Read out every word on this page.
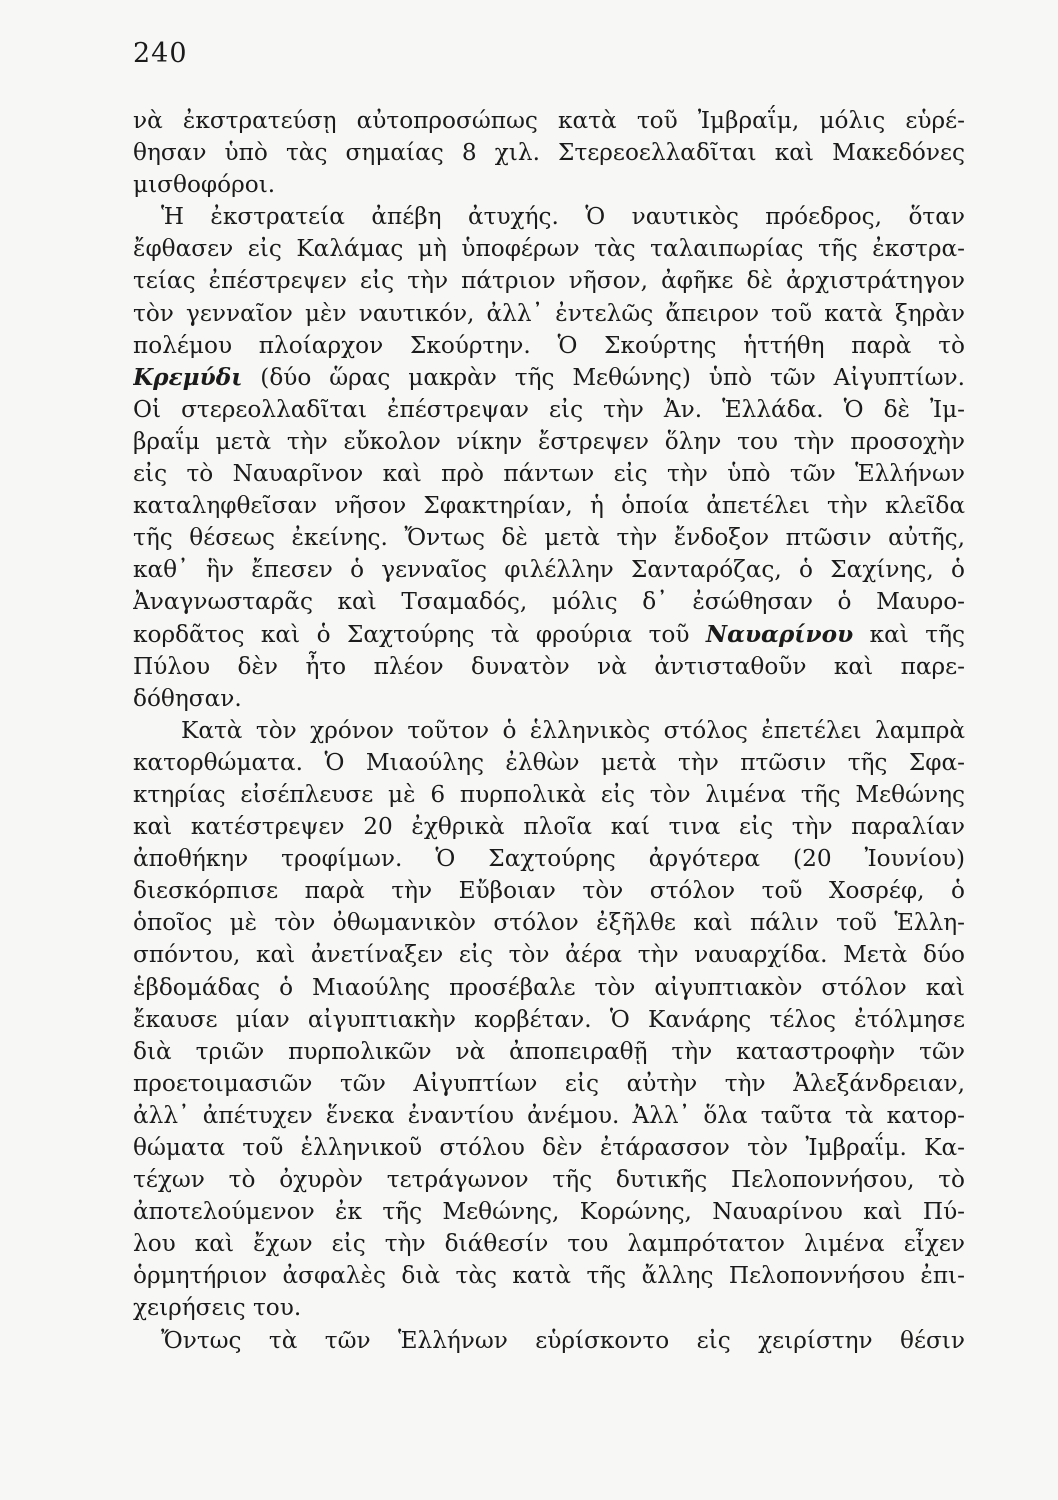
240
νὰ ἐκστρατεύσῃ αὐτοπροσώπως κατὰ τοῦ Ἰμβραΐμ, μόλις εὑρέ-
θησαν ὑπὸ τὰς σημαίας 8 χιλ. Στερεοελλαδῖται καὶ Μακεδόνες
μισθοφόροι.
Ἡ ἐκστρατεία ἀπέβη ἀτυχής. Ὁ ναυτικὸς πρόεδρος, ὅταν
ἔφθασεν εἰς Καλάμας μὴ ὑποφέρων τὰς ταλαιπωρίας τῆς ἐκστρα-
τείας ἐπέστρεψεν εἰς τὴν πάτριον νῆσον, ἀφῆκε δὲ ἀρχιστράτηγον
τὸν γενναῖον μὲν ναυτικόν, ἀλλ᾽ ἐντελῶς ἄπειρον τοῦ κατὰ ξηρὰν
πολέμου πλοίαρχον Σκούρτην. Ὁ Σκούρτης ἡττήθη παρὰ τὸ
Κρεμύδι (δύο ὥρας μακρὰν τῆς Μεθώνης) ὑπὸ τῶν Αἰγυπτίων.
Οἱ στερεολλαδῖται ἐπέστρεψαν εἰς τὴν Ἀν. Ἑλλάδα. Ὁ δὲ Ἰμ-
βραΐμ μετὰ τὴν εὔκολον νίκην ἔστρεψεν ὅλην του τὴν προσοχὴν
εἰς τὸ Ναυαρῖνον καὶ πρὸ πάντων εἰς τὴν ὑπὸ τῶν Ἑλλήνων
καταληφθεῖσαν νῆσον Σφακτηρίαν, ἡ ὁποία ἀπετέλει τὴν κλεῖδα
τῆς θέσεως ἐκείνης. Ὄντως δὲ μετὰ τὴν ἔνδοξον πτῶσιν αὐτῆς,
καθ᾽ ἣν ἔπεσεν ὁ γενναῖος φιλέλλην Σανταρόζας, ὁ Σαχίνης, ὁ
Ἀναγνωσταρᾶς καὶ Τσαμαδός, μόλις δ᾽ ἐσώθησαν ὁ Μαυρο-
κορδᾶτος καὶ ὁ Σαχτούρης τὰ φρούρια τοῦ Ναυαρίνου καὶ τῆς
Πύλου δὲν ἦτο πλέον δυνατὸν νὰ ἀντισταθοῦν καὶ παρε-
δόθησαν.
Κατὰ τὸν χρόνον τοῦτον ὁ ἑλληνικὸς στόλος ἐπετέλει λαμπρὰ
κατορθώματα. Ὁ Μιαούλης ἐλθὼν μετὰ τὴν πτῶσιν τῆς Σφα-
κτηρίας εἰσέπλευσε μὲ 6 πυρπολικὰ εἰς τὸν λιμένα τῆς Μεθώνης
καὶ κατέστρεψεν 20 ἐχθρικὰ πλοῖα καί τινα εἰς τὴν παραλίαν
ἀποθήκην τροφίμων. Ὁ Σαχτούρης ἀργότερα (20 Ἰουνίου)
διεσκόρπισε παρὰ τὴν Εὔβοιαν τὸν στόλον τοῦ Χοσρέφ, ὁ
ὁποῖος μὲ τὸν ὀθωμανικὸν στόλον ἐξῆλθε καὶ πάλιν τοῦ Ἑλλη-
σπόντου, καὶ ἀνετίναξεν εἰς τὸν ἀέρα τὴν ναυαρχίδα. Μετὰ δύο
ἑβδομάδας ὁ Μιαούλης προσέβαλε τὸν αἰγυπτιακὸν στόλον καὶ
ἔκαυσε μίαν αἰγυπτιακὴν κορβέταν. Ὁ Κανάρης τέλος ἐτόλμησε
διὰ τριῶν πυρπολικῶν νὰ ἀποπειραθῇ τὴν καταστροφὴν τῶν
προετοιμασιῶν τῶν Αἰγυπτίων εἰς αὐτὴν τὴν Ἀλεξάνδρειαν,
ἀλλ᾽ ἀπέτυχεν ἕνεκα ἐναντίου ἀνέμου. Ἀλλ᾽ ὅλα ταῦτα τὰ κατορ-
θώματα τοῦ ἑλληνικοῦ στόλου δὲν ἐτάρασσον τὸν Ἰμβραΐμ. Κα-
τέχων τὸ ὀχυρὸν τετράγωνον τῆς δυτικῆς Πελοποννήσου, τὸ
ἀποτελούμενον ἐκ τῆς Μεθώνης, Κορώνης, Ναυαρίνου καὶ Πύ-
λου καὶ ἔχων εἰς τὴν διάθεσίν του λαμπρότατον λιμένα εἶχεν
ὁρμητήριον ἀσφαλὲς διὰ τὰς κατὰ τῆς ἄλλης Πελοποννήσου ἐπι-
χειρήσεις του.
Ὄντως τὰ τῶν Ἑλλήνων εὑρίσκοντο εἰς χειρίστην θέσιν
